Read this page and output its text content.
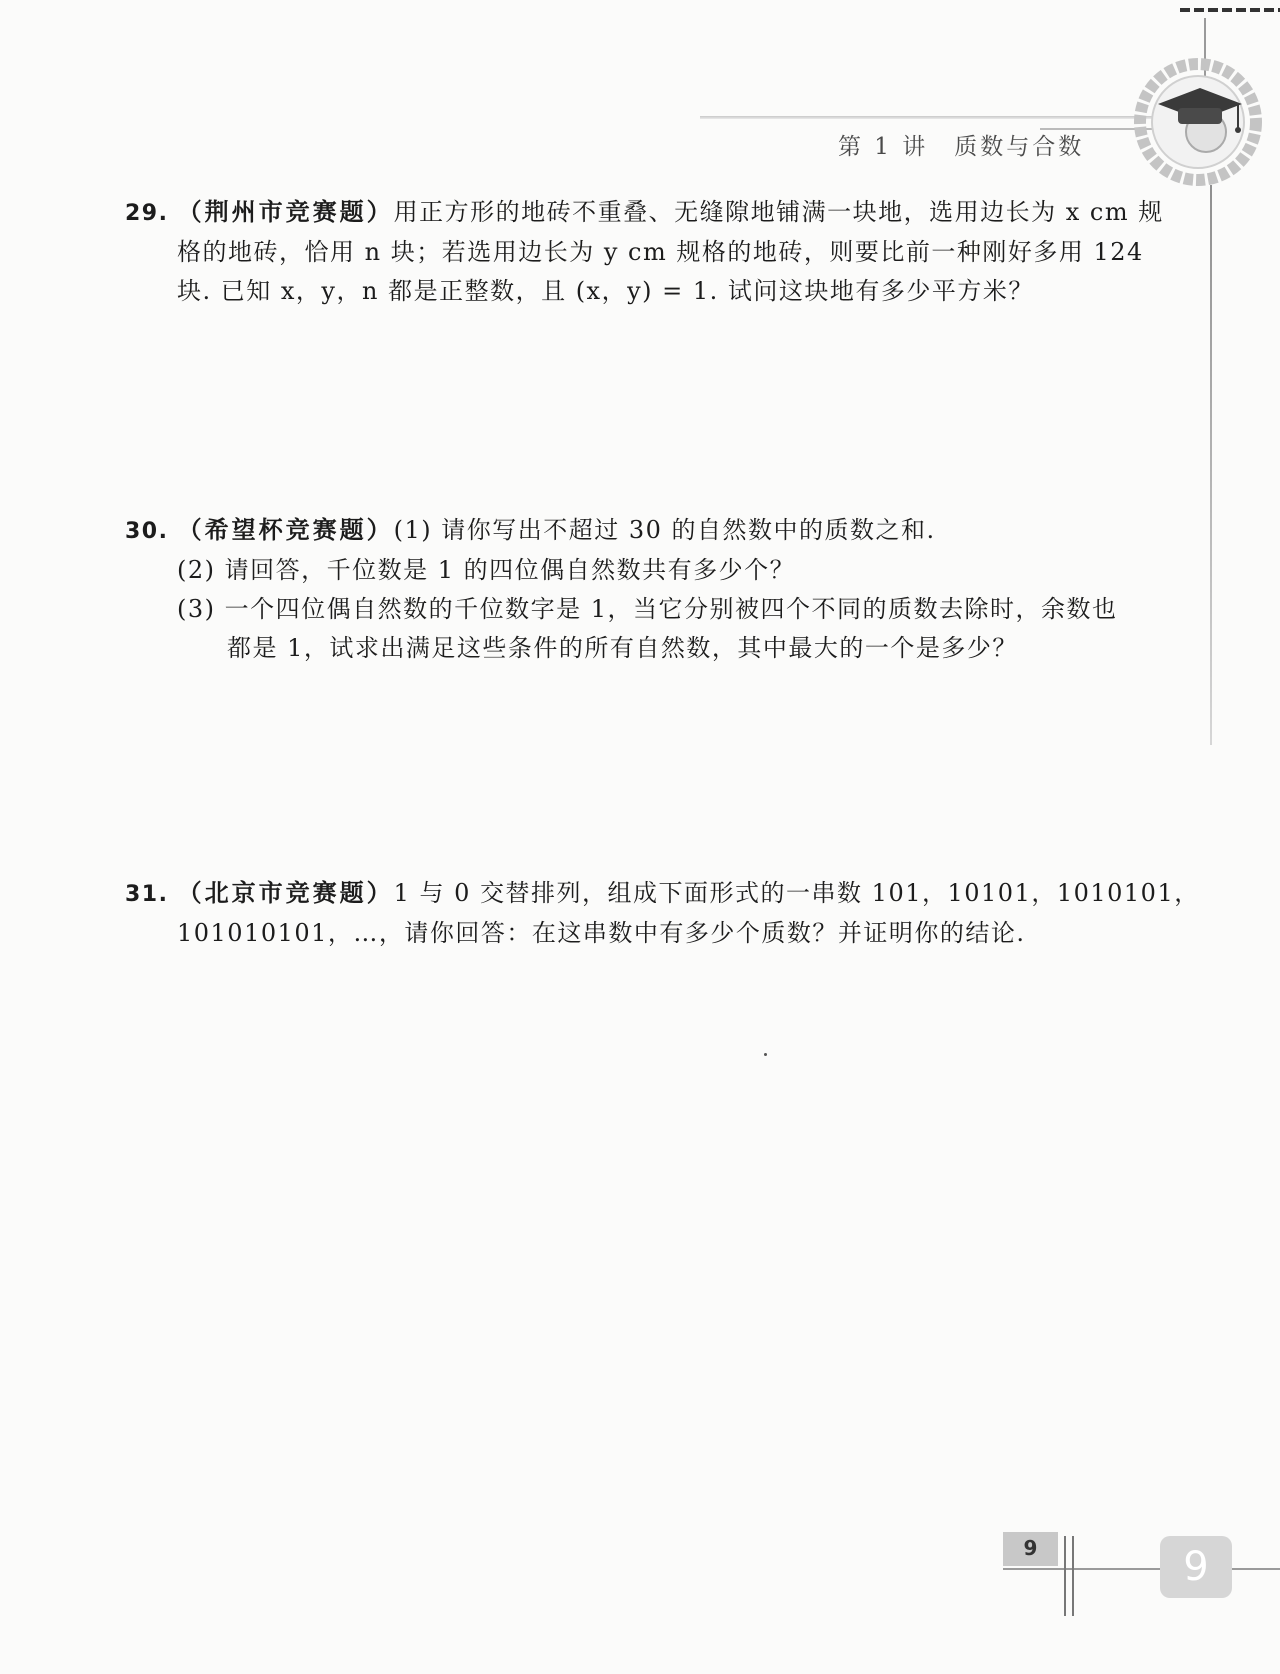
第 1 讲　质数与合数
29. （荆州市竞赛题）用正方形的地砖不重叠、无缝隙地铺满一块地，选用边长为 x cm 规
格的地砖，恰用 n 块；若选用边长为 y cm 规格的地砖，则要比前一种刚好多用 124
块. 已知 x，y，n 都是正整数，且 (x，y) = 1. 试问这块地有多少平方米？
30. （希望杯竞赛题）(1) 请你写出不超过 30 的自然数中的质数之和.
(2) 请回答，千位数是 1 的四位偶自然数共有多少个？
(3) 一个四位偶自然数的千位数字是 1，当它分别被四个不同的质数去除时，余数也
都是 1，试求出满足这些条件的所有自然数，其中最大的一个是多少？
31. （北京市竞赛题）1 与 0 交替排列，组成下面形式的一串数 101，10101，1010101，
101010101，…，请你回答：在这串数中有多少个质数？并证明你的结论.
9	9
